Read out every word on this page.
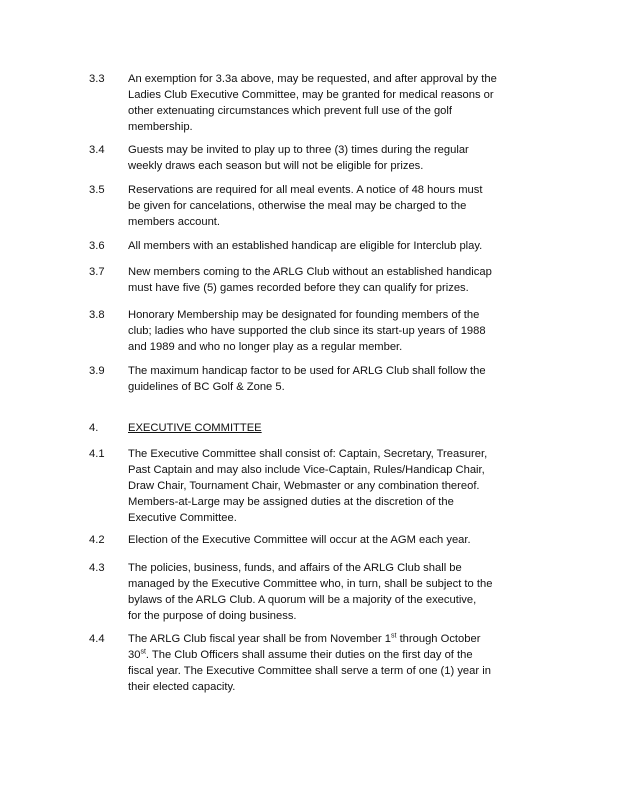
3.3 An exemption for 3.3a above, may be requested, and after approval by the

Ladies Club Executive Committee, may be granted for medical reasons or

other extenuating circumstances which prevent full use of the golf

membership.

3.4 Guests may be invited to play up to three (3) times during the regular

weekly draws each season but will not be eligible for prizes.

3.5 Reservations are required for all meal events. A notice of 48 hours must

be given for cancelations, otherwise the meal may be charged to the

members account.

3.6 All members with an established handicap are eligible for Interclub play.

3.7 New members coming to the ARLG Club without an established handicap

must have five (5) games recorded before they can qualify for prizes.

3.8 Honorary Membership may be designated for founding members of the

club; ladies who have supported the club since its start-up years of 1988

and 1989 and who no longer play as a regular member.

3.9 The maximum handicap factor to be used for ARLG Club shall follow the

guidelines of BC Golf & Zone 5.

4.	EXECUTIVE COMMITTEE
4.1 The Executive Committee shall consist of: Captain, Secretary, Treasurer,

Past Captain and may also include Vice-Captain, Rules/Handicap Chair,

Draw Chair, Tournament Chair, Webmaster or any combination thereof.

Members-at-Large may be assigned duties at the discretion of the

Executive Committee.

4.2 Election of the Executive Committee will occur at the AGM each year.

4.3 The policies, business, funds, and affairs of the ARLG Club shall be

managed by the Executive Committee who, in turn, shall be subject to the

bylaws of the ARLG Club. A quorum will be a majority of the executive,

for the purpose of doing business.

4.4 The ARLG Club fiscal year shall be from November 1st through October

30st. The Club Officers shall assume their duties on the first day of the

fiscal year. The Executive Committee shall serve a term of one (1) year in

their elected capacity.
